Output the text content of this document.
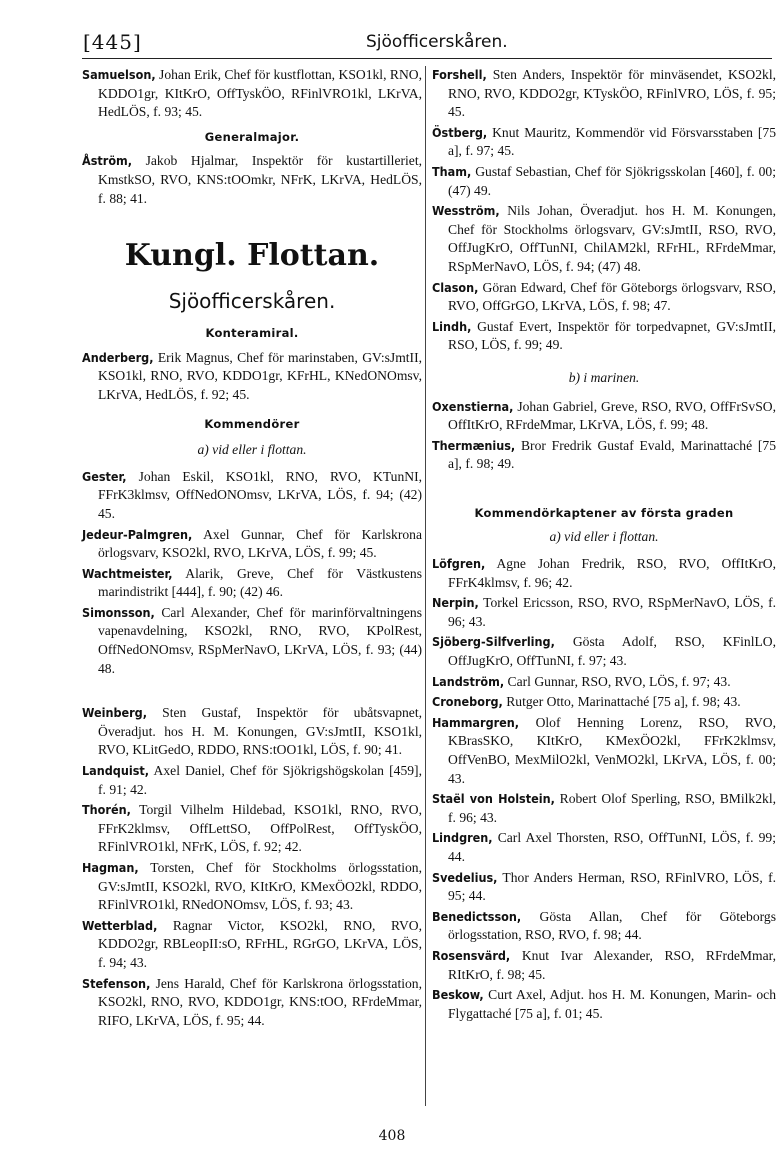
[445]	Sjöofficerskåren.

Samuelson, Johan Erik, Chef för kustflottan, KSO1kl, RNO, KDDO1gr, KItKrO, OffTyskÖO, RFinlVRO1kl, LKrVA, HedLÖS, f. 93; 45.

Generalmajor.

Åström, Jakob Hjalmar, Inspektör för kustartilleriet, KmstkSO, RVO, KNS:tOOmkr, NFrK, LKrVA, HedLÖS, f. 88; 41.

Kungl. Flottan.
Sjöofficerskåren.
Konteramiral.

Anderberg, Erik Magnus, Chef för marinstaben, GV:sJmtII, KSO1kl, RNO, RVO, KDDO1gr, KFrHL, KNedONOmsv, LKrVA, HedLÖS, f. 92; 45.

Kommendörer
a) vid eller i flottan.

Gester, Johan Eskil, KSO1kl, RNO, RVO, KTunNI, FFrK3klmsv, OffNedONOmsv, LKrVA, LÖS, f. 94; (42) 45.

Jedeur-Palmgren, Axel Gunnar, Chef för Karlskrona örlogsvarv, KSO2kl, RVO, LKrVA, LÖS, f. 99; 45.

Wachtmeister, Alarik, Greve, Chef för Västkustens marindistrikt [444], f. 90; (42) 46.

Simonsson, Carl Alexander, Chef för marinförvaltningens vapenavdelning, KSO2kl, RNO, RVO, KPolRest, OffNedONOmsv, RSpMerNavO, LKrVA, LÖS, f. 93; (44) 48.

Weinberg, Sten Gustaf, Inspektör för ubåtsvapnet, Överadjut. hos H. M. Konungen, GV:sJmtII, KSO1kl, RVO, KLitGedO, RDDO, RNS:tOO1kl, LÖS, f. 90; 41.

Landquist, Axel Daniel, Chef för Sjökrigshögskolan [459], f. 91; 42.

Thorén, Torgil Vilhelm Hildebad, KSO1kl, RNO, RVO, FFrK2klmsv, OffLettSO, OffPolRest, OffTyskÖO, RFinlVRO1kl, NFrK, LÖS, f. 92; 42.

Hagman, Torsten, Chef för Stockholms örlogsstation, GV:sJmtII, KSO2kl, RVO, KItKrO, KMexÖO2kl, RDDO, RFinlVRO1kl, RNedONOmsv, LÖS, f. 93; 43.

Wetterblad, Ragnar Victor, KSO2kl, RNO, RVO, KDDO2gr, RBLeopII:sO, RFrHL, RGrGO, LKrVA, LÖS, f. 94; 43.

Stefenson, Jens Harald, Chef för Karlskrona örlogsstation, KSO2kl, RNO, RVO, KDDO1gr, KNS:tOO, RFrdeMmar, RIFO, LKrVA, LÖS, f. 95; 44.

Forshell, Sten Anders, Inspektör för minväsendet, KSO2kl, RNO, RVO, KDDO2gr, KTyskÖO, RFinlVRO, LÖS, f. 95; 45.

Östberg, Knut Mauritz, Kommendör vid Försvarsstaben [75 a], f. 97; 45.

Tham, Gustaf Sebastian, Chef för Sjökrigsskolan [460], f. 00; (47) 49.

Wesström, Nils Johan, Överadjut. hos H. M. Konungen, Chef för Stockholms örlogsvarv, GV:sJmtII, RSO, RVO, OffJugKrO, OffTunNI, ChilAM2kl, RFrHL, RFrdeMmar, RSpMerNavO, LÖS, f. 94; (47) 48.

Clason, Göran Edward, Chef för Göteborgs örlogsvarv, RSO, RVO, OffGrGO, LKrVA, LÖS, f. 98; 47.

Lindh, Gustaf Evert, Inspektör för torpedvapnet, GV:sJmtII, RSO, LÖS, f. 99; 49.

b) i marinen.

Oxenstierna, Johan Gabriel, Greve, RSO, RVO, OffFrSvSO, OffItKrO, RFrdeMmar, LKrVA, LÖS, f. 99; 48.

Thermænius, Bror Fredrik Gustaf Evald, Marinattaché [75 a], f. 98; 49.

Kommendörkaptener av första graden
a) vid eller i flottan.

Löfgren, Agne Johan Fredrik, RSO, RVO, OffItKrO, FFrK4klmsv, f. 96; 42.

Nerpin, Torkel Ericsson, RSO, RVO, RSpMerNavO, LÖS, f. 96; 43.

Sjöberg-Silfverling, Gösta Adolf, RSO, KFinlLO, OffJugKrO, OffTunNI, f. 97; 43.

Landström, Carl Gunnar, RSO, RVO, LÖS, f. 97; 43.

Croneborg, Rutger Otto, Marinattaché [75 a], f. 98; 43.

Hammargren, Olof Henning Lorenz, RSO, RVO, KBrasSKO, KItKrO, KMexÖO2kl, FFrK2klmsv, OffVenBO, MexMilO2kl, VenMO2kl, LKrVA, LÖS, f. 00; 43.

Staël von Holstein, Robert Olof Sperling, RSO, BMilk2kl, f. 96; 43.

Lindgren, Carl Axel Thorsten, RSO, OffTunNI, LÖS, f. 99; 44.

Svedelius, Thor Anders Herman, RSO, RFinlVRO, LÖS, f. 95; 44.

Benedictsson, Gösta Allan, Chef för Göteborgs örlogsstation, RSO, RVO, f. 98; 44.

Rosensvärd, Knut Ivar Alexander, RSO, RFrdeMmar, RItKrO, f. 98; 45.

Beskow, Curt Axel, Adjut. hos H. M. Konungen, Marin- och Flygattaché [75 a], f. 01; 45.

408
